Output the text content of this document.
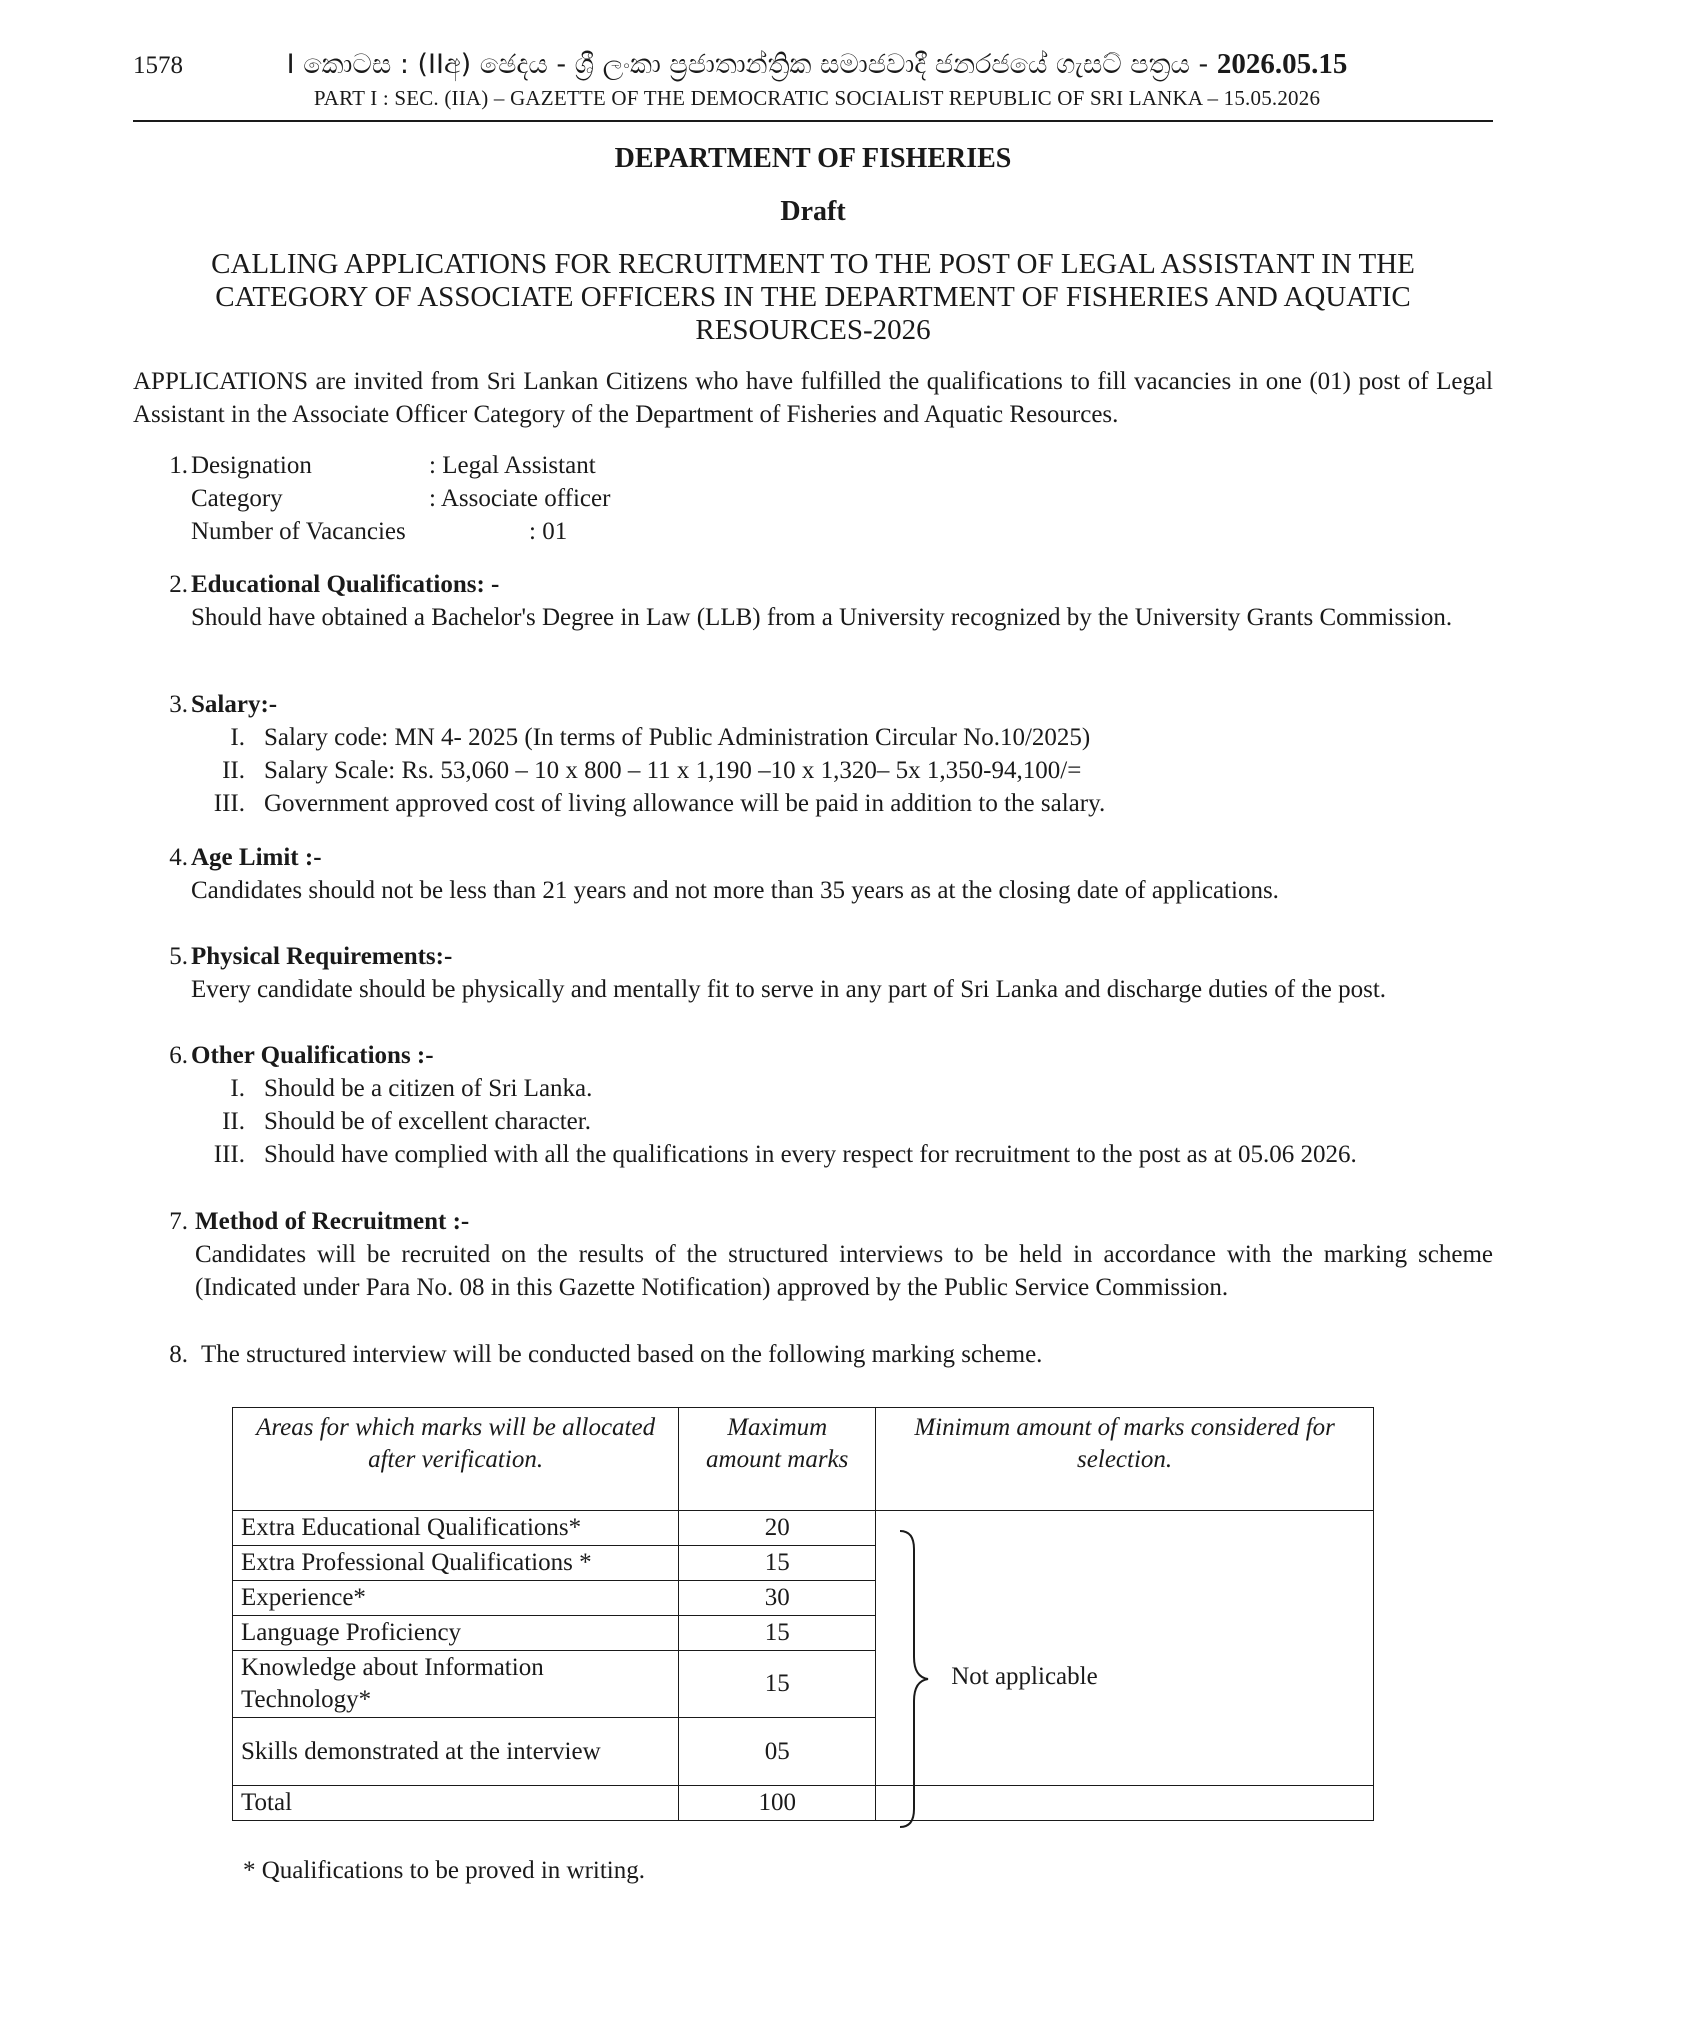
1578	I කොටස : (IIඅ) ඡෙදය - ශ්‍රී ලංකා ප්‍රජාතාන්ත්‍රික සමාජවාදී ජනරජයේ ගැසට් පත්‍රය - 2026.05.15
PART I : SEC. (IIA) – GAZETTE OF THE DEMOCRATIC SOCIALIST REPUBLIC OF SRI LANKA – 15.05.2026
DEPARTMENT OF FISHERIES
Draft
CALLING APPLICATIONS FOR RECRUITMENT TO THE POST OF LEGAL ASSISTANT IN THE CATEGORY OF ASSOCIATE OFFICERS IN THE DEPARTMENT OF FISHERIES AND AQUATIC RESOURCES-2026
APPLICATIONS are invited from Sri Lankan Citizens who have fulfilled the qualifications to fill vacancies in one (01) post of Legal Assistant in the Associate Officer Category of the Department of Fisheries and Aquatic Resources.
1. Designation	: Legal Assistant
Category	: Associate officer
Number of Vacancies	: 01
2. Educational Qualifications: -
Should have obtained a Bachelor's Degree in Law (LLB) from a University recognized by the University Grants Commission.
3. Salary:-
I. Salary code: MN 4- 2025 (In terms of Public Administration Circular No.10/2025)
II. Salary Scale: Rs. 53,060 – 10 x 800 – 11 x 1,190 –10 x 1,320– 5x 1,350-94,100/=
III. Government approved cost of living allowance will be paid in addition to the salary.
4. Age Limit :-
Candidates should not be less than 21 years and not more than 35 years as at the closing date of applications.
5. Physical Requirements:-
Every candidate should be physically and mentally fit to serve in any part of Sri Lanka and discharge duties of the post.
6. Other Qualifications :-
I. Should be a citizen of Sri Lanka.
II. Should be of excellent character.
III. Should have complied with all the qualifications in every respect for recruitment to the post as at 05.06 2026.
7. Method of Recruitment :-
Candidates will be recruited on the results of the structured interviews to be held in accordance with the marking scheme (Indicated under Para No. 08 in this Gazette Notification) approved by the Public Service Commission.
8. The structured interview will be conducted based on the following marking scheme.
Areas for which marks will be allocated after verification.	Maximum amount marks	Minimum amount of marks considered for selection.
Extra Educational Qualifications*	20	Not applicable

Extra Professional Qualifications *	15	
Experience*	30	
Language Proficiency	15	
Knowledge about Information Technology*	15	
Skills demonstrated at the interview	05	
Total	100	
* Qualifications to be proved in writing.
